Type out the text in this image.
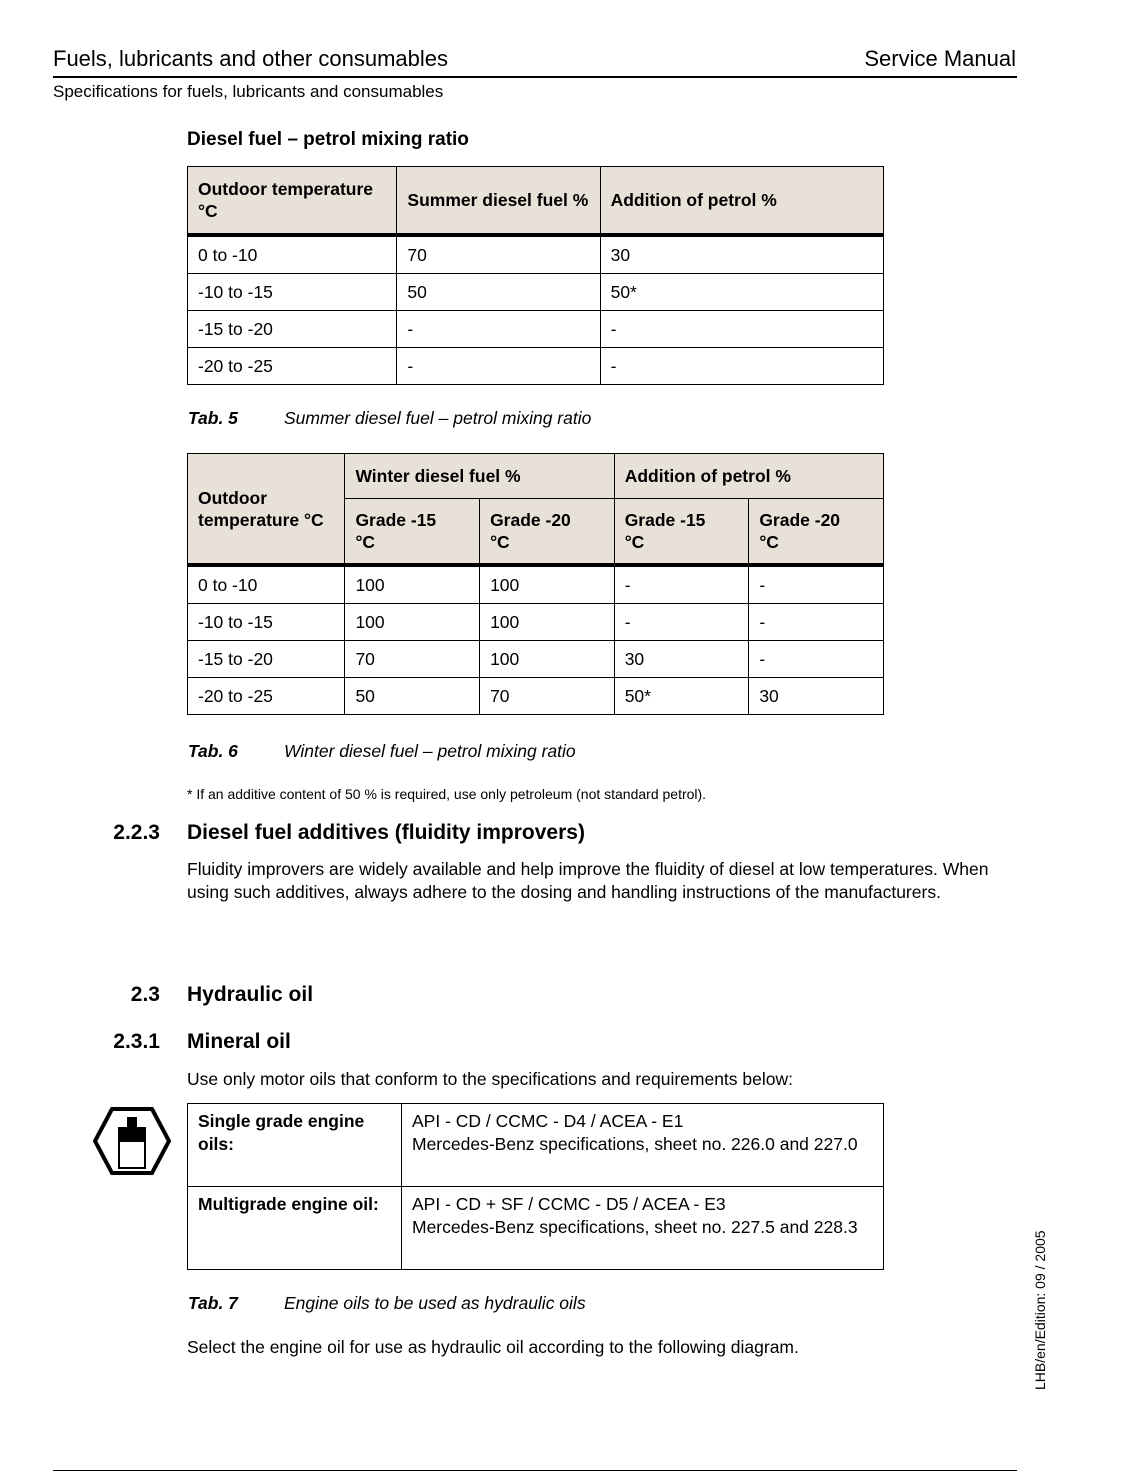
Fuels, lubricants and other consumables	Service Manual
Specifications for fuels, lubricants and consumables
Diesel fuel – petrol mixing ratio
Outdoor temperature °C	Summer diesel fuel %	Addition of petrol %
0 to -10	70	30
-10 to -15	50	50*
-15 to -20	-	-
-20 to -25	-	-
Tab. 5	Summer diesel fuel – petrol mixing ratio
Outdoor temperature °C	Winter diesel fuel %		Addition of petrol %	
	Grade -15 °C	Grade -20 °C	Grade -15 °C	Grade -20 °C
0 to -10	100	100	-	-
-10 to -15	100	100	-	-
-15 to -20	70	100	30	-
-20 to -25	50	70	50*	30
Tab. 6	Winter diesel fuel – petrol mixing ratio
* If an additive content of 50 % is required, use only petroleum (not standard petrol).
2.2.3 Diesel fuel additives (fluidity improvers)
Fluidity improvers are widely available and help improve the fluidity of diesel at low temperatures. When using such additives, always adhere to the dosing and handling instructions of the manufacturers.
2.3 Hydraulic oil
2.3.1 Mineral oil
Use only motor oils that conform to the specifications and requirements below:
Single grade engine oils:	API - CD / CCMC - D4 / ACEA - E1
Mercedes-Benz specifications, sheet no. 226.0 and 227.0

Multigrade engine oil:	API - CD + SF / CCMC - D5 / ACEA - E3
Mercedes-Benz specifications, sheet no. 227.5 and 228.3
Tab. 7	Engine oils to be used as hydraulic oils
Select the engine oil for use as hydraulic oil according to the following diagram.	LHB/en/Edition: 09 / 2005
